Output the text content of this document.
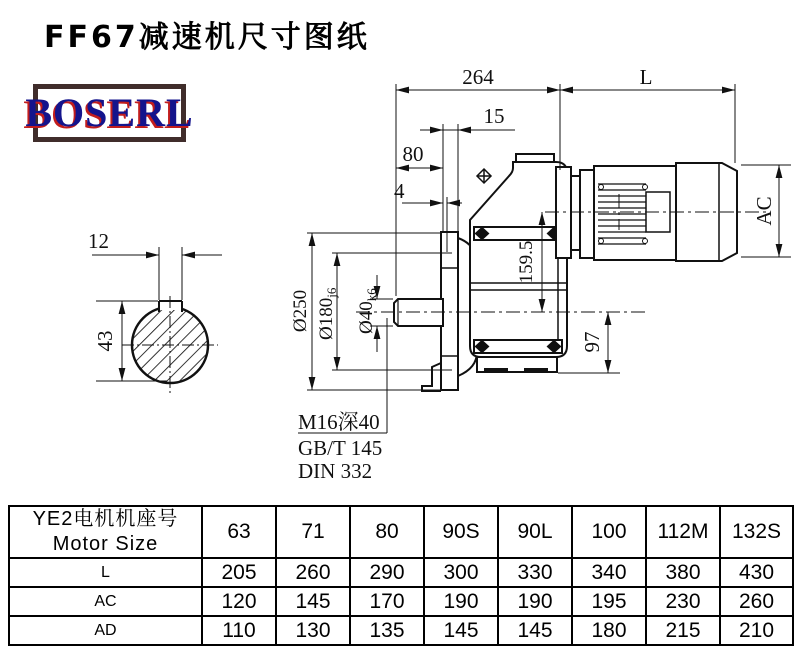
FF67减速机尺寸图纸
BOSERL
12
43
264	L
15
80
4
AC
159.5
97
Ø250 $Ø180_{j6}$
$Ø40_{k6}$
M16深40
GB/T 145
DIN 332
YE2电机机座号
Motor Size	63	71	80	90S	90L	100	112M	132S
L	205	260	290	300	330	340	380	430
AC	120	145	170	190	190	195	230	260
AD	110	130	135	145	145	180	215	210
